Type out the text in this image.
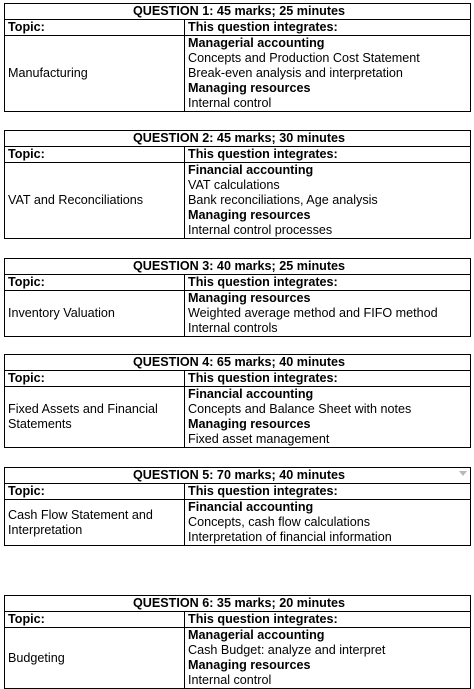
QUESTION 1: 45 marks; 25 minutes	
Topic:	This question integrates:

Manufacturing	Managerial accounting
Concepts and Production Cost Statement
Break-even analysis and interpretation
Managing resources
Internal control
QUESTION 2: 45 marks; 30 minutes	
Topic:	This question integrates:

VAT and Reconciliations	Financial accounting
VAT calculations
Bank reconciliations, Age analysis
Managing resources
Internal control processes
QUESTION 3: 40 marks; 25 minutes	
Topic:	This question integrates:

Inventory Valuation	Managing resources
Weighted average method and FIFO method
Internal controls
QUESTION 4: 65 marks; 40 minutes	
Topic:	This question integrates:

Fixed Assets and Financial
Statements	Financial accounting
Concepts and Balance Sheet with notes
Managing resources
Fixed asset management
QUESTION 5: 70 marks; 40 minutes	

Topic:	This question integrates:

Cash Flow Statement and
Interpretation	Financial accounting
Concepts, cash flow calculations
Interpretation of financial information
QUESTION 6: 35 marks; 20 minutes	
Topic:	This question integrates:

Budgeting	Managerial accounting
Cash Budget: analyze and interpret
Managing resources
Internal control
